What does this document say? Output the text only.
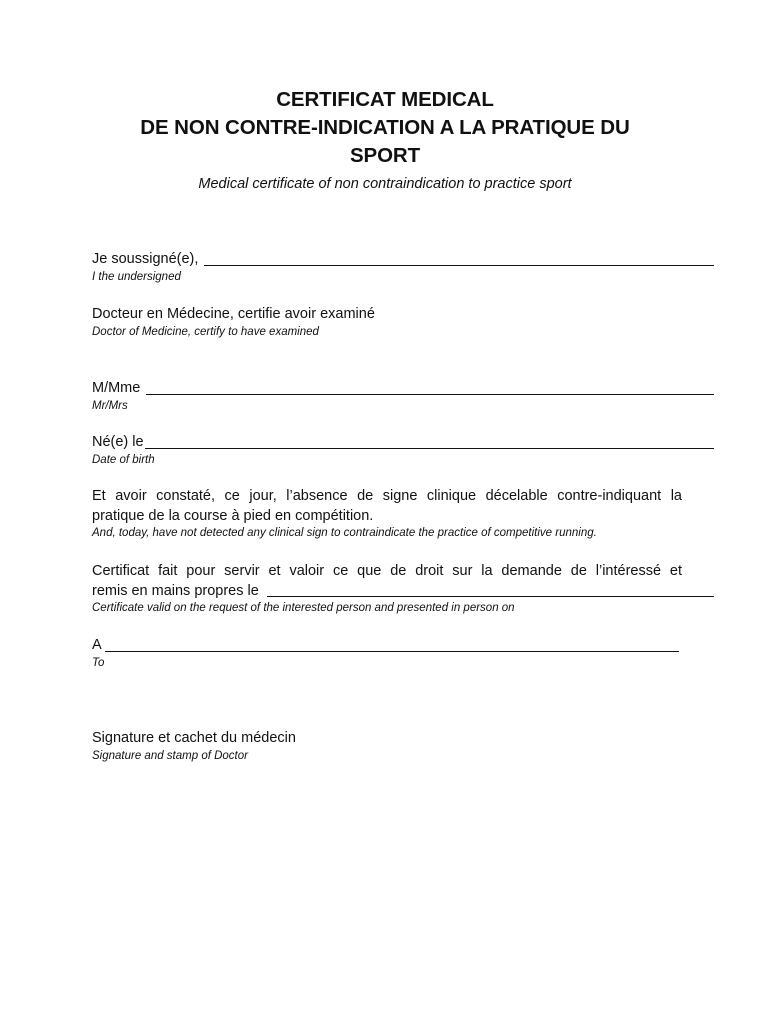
CERTIFICAT MEDICAL
DE NON CONTRE-INDICATION A LA PRATIQUE DU
SPORT
Medical certificate of non contraindication to practice sport
Je soussigné(e),
I the undersigned
Docteur en Médecine, certifie avoir examiné
Doctor of Medicine, certify to have examined
M/Mme
Mr/Mrs
Né(e) le
Date of birth
Et avoir constaté, ce jour, l’absence de signe clinique décelable contre-indiquant la
pratique de la course à pied en compétition.
And, today, have not detected any clinical sign to contraindicate the practice of competitive running.
Certificat fait pour servir et valoir ce que de droit sur la demande de l’intéressé et
remis en mains propres le
Certificate valid on the request of the interested person and presented in person on
A
To
Signature et cachet du médecin
Signature and stamp of Doctor
